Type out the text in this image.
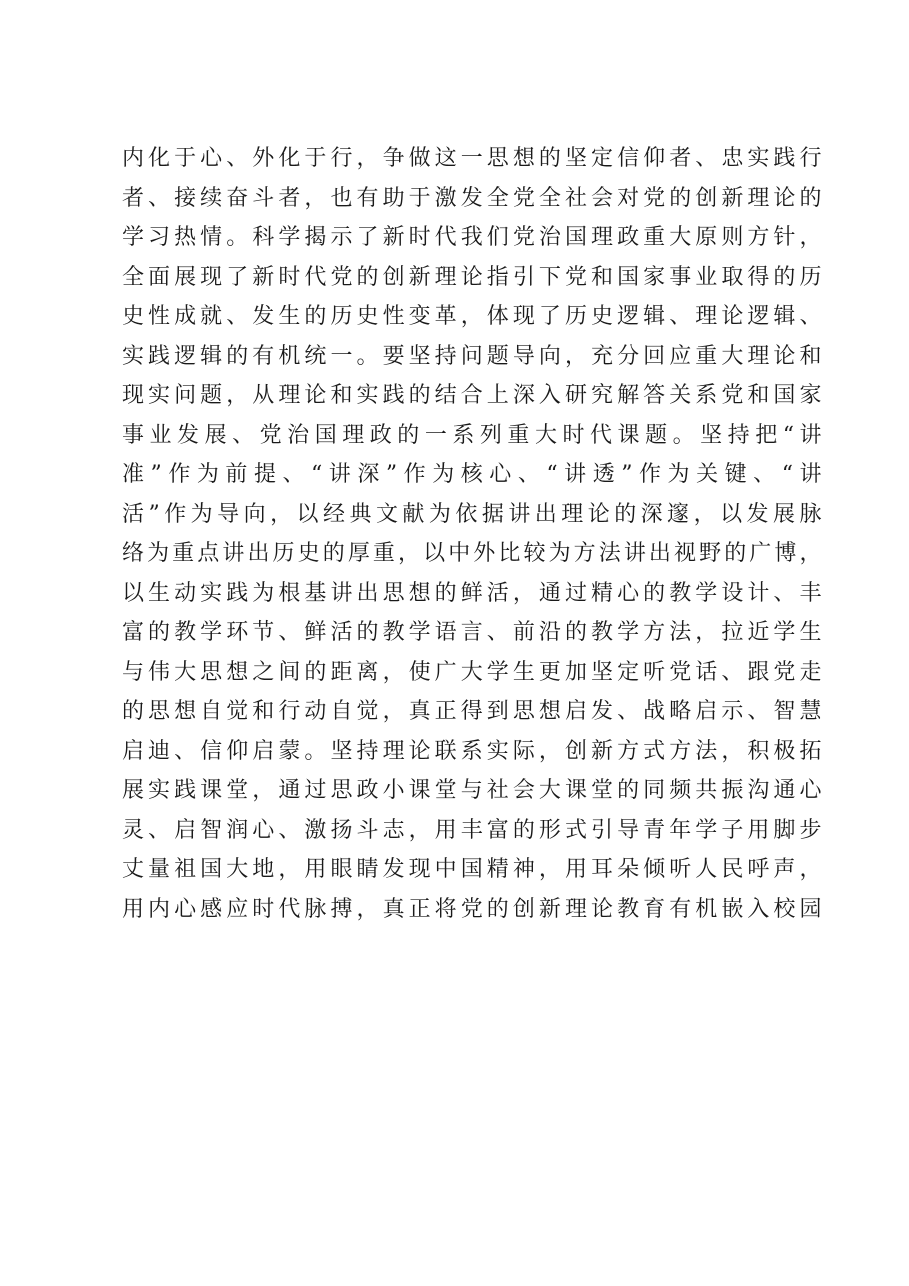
内化于心、外化于行，争做这一思想的坚定信仰者、忠实践行
者、接续奋斗者，也有助于激发全党全社会对党的创新理论的
学习热情。科学揭示了新时代我们党治国理政重大原则方针，
全面展现了新时代党的创新理论指引下党和国家事业取得的历
史性成就、发生的历史性变革，体现了历史逻辑、理论逻辑、
实践逻辑的有机统一。要坚持问题导向，充分回应重大理论和
现实问题，从理论和实践的结合上深入研究解答关系党和国家
事业发展、党治国理政的一系列重大时代课题。坚持把“讲
准”作为前提、“讲深”作为核心、“讲透”作为关键、“讲
活”作为导向，以经典文献为依据讲出理论的深邃，以发展脉
络为重点讲出历史的厚重，以中外比较为方法讲出视野的广博，
以生动实践为根基讲出思想的鲜活，通过精心的教学设计、丰
富的教学环节、鲜活的教学语言、前沿的教学方法，拉近学生
与伟大思想之间的距离，使广大学生更加坚定听党话、跟党走
的思想自觉和行动自觉，真正得到思想启发、战略启示、智慧
启迪、信仰启蒙。坚持理论联系实际，创新方式方法，积极拓
展实践课堂，通过思政小课堂与社会大课堂的同频共振沟通心
灵、启智润心、激扬斗志，用丰富的形式引导青年学子用脚步
丈量祖国大地，用眼睛发现中国精神，用耳朵倾听人民呼声，
用内心感应时代脉搏，真正将党的创新理论教育有机嵌入校园
